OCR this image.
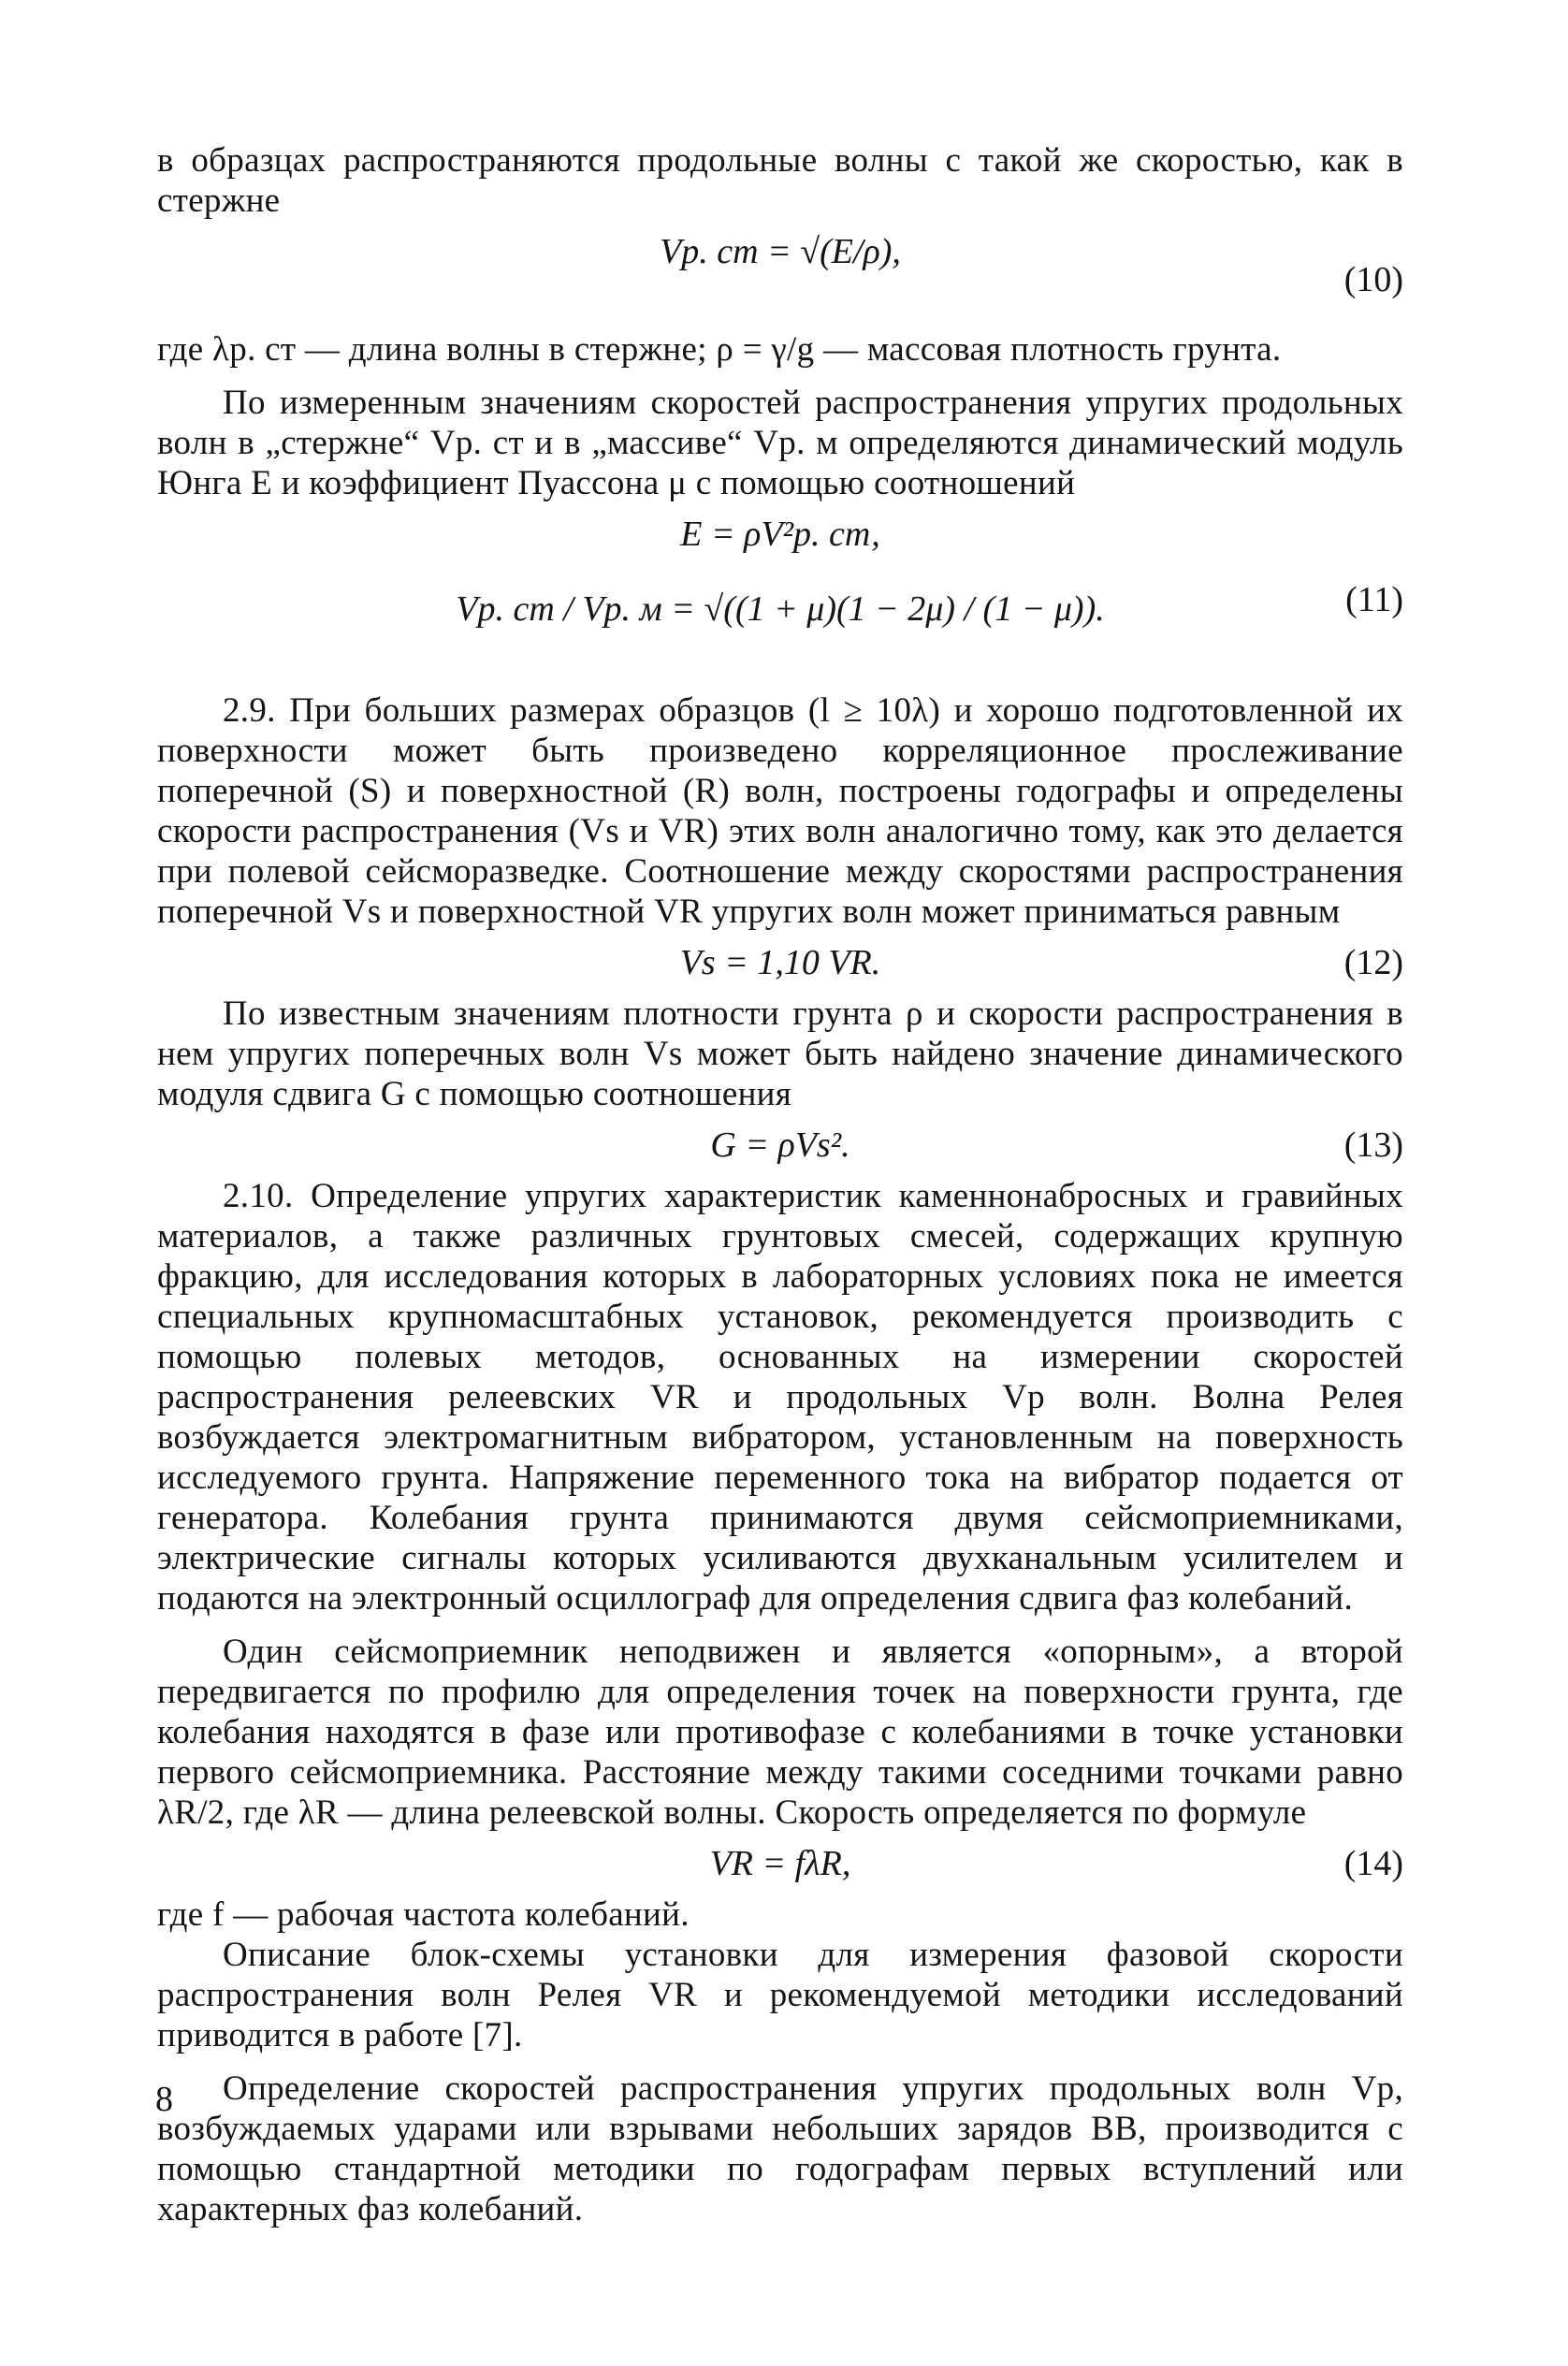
в образцах распространяются продольные волны с такой же скоростью, как в стержне

Vр. ст = √(E/ρ),
(10)

где λр. ст — длина волны в стержне; ρ = γ/g — массовая плотность грунта.

По измеренным значениям скоростей распространения упругих продольных волн в „стержне“ Vр. ст и в „массиве“ Vр. м определяются динамический модуль Юнга E и коэффициент Пуассона μ с помощью соотношений

E = ρV²р. ст,
Vр. ст / Vр. м = √((1 + μ)(1 − 2μ) / (1 − μ)).	(11)

2.9. При больших размерах образцов (l ≥ 10λ) и хорошо подготовленной их поверхности может быть произведено корреляционное прослеживание поперечной (S) и поверхностной (R) волн, построены годографы и определены скорости распространения (Vs и VR) этих волн аналогично тому, как это делается при полевой сейсморазведке. Соотношение между скоростями распространения поперечной Vs и поверхностной VR упругих волн может приниматься равным

Vs = 1,10 VR.	(12)

По известным значениям плотности грунта ρ и скорости распространения в нем упругих поперечных волн Vs может быть найдено значение динамического модуля сдвига G с помощью соотношения

G = ρVs².	(13)

2.10. Определение упругих характеристик каменнонабросных и гравийных материалов, а также различных грунтовых смесей, содержащих крупную фракцию, для исследования которых в лабораторных условиях пока не имеется специальных крупномасштабных установок, рекомендуется производить с помощью полевых методов, основанных на измерении скоростей распространения релеевских VR и продольных Vp волн. Волна Релея возбуждается электромагнитным вибратором, установленным на поверхность исследуемого грунта. Напряжение переменного тока на вибратор подается от генератора. Колебания грунта принимаются двумя сейсмоприемниками, электрические сигналы которых усиливаются двухканальным усилителем и подаются на электронный осциллограф для определения сдвига фаз колебаний.

Один сейсмоприемник неподвижен и является «опорным», а второй передвигается по профилю для определения точек на поверхности грунта, где колебания находятся в фазе или противофазе с колебаниями в точке установки первого сейсмоприемника. Расстояние между такими соседними точками равно λR/2, где λR — длина релеевской волны. Скорость определяется по формуле

VR = fλR,	(14)

где f — рабочая частота колебаний.

Описание блок-схемы установки для измерения фазовой скорости распространения волн Релея VR и рекомендуемой методики исследований приводится в работе [7].

Определение скоростей распространения упругих продольных волн Vp, возбуждаемых ударами или взрывами небольших зарядов ВВ, производится с помощью стандартной методики по годографам первых вступлений или характерных фаз колебаний.

8
